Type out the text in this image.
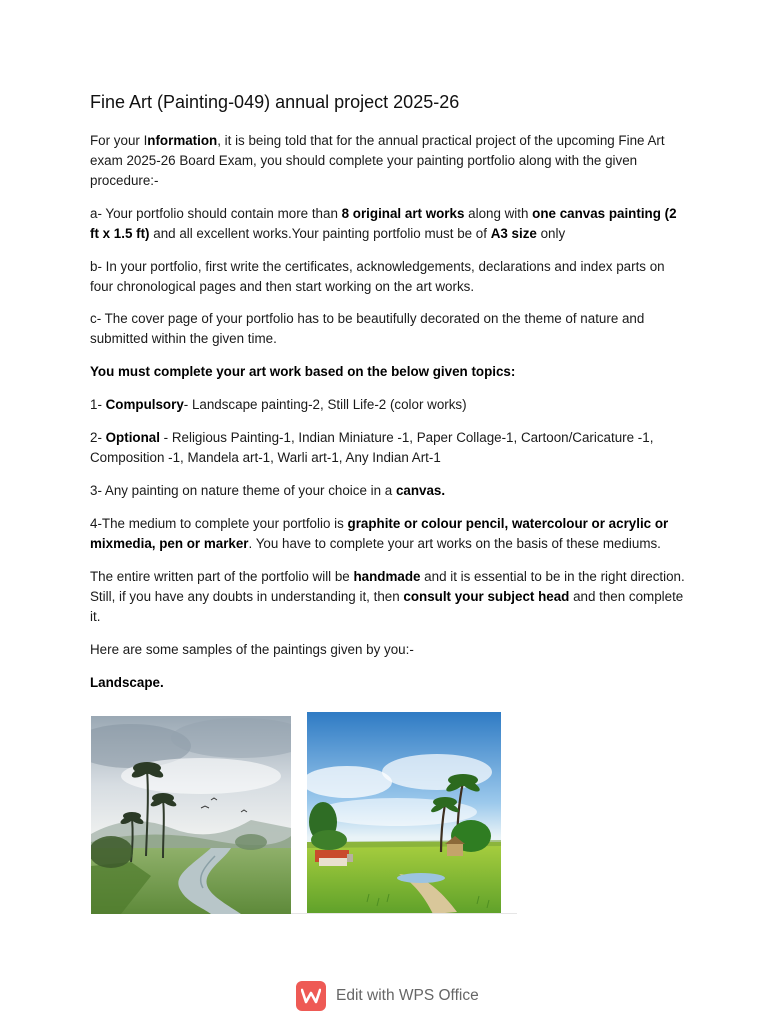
Fine Art (Painting-049) annual project 2025-26

For your Information, it is being told that for the annual practical project of the upcoming Fine Art exam 2025-26 Board Exam, you should complete your painting portfolio along with the given procedure:-

a- Your portfolio should contain more than 8 original art works along with one canvas painting (2 ft x 1.5 ft) and all excellent works.Your painting portfolio must be of A3 size only

b- In your portfolio, first write the certificates, acknowledgements, declarations and index parts on four chronological pages and then start working on the art works.

c- The cover page of your portfolio has to be beautifully decorated on the theme of nature and submitted within the given time.

You must complete your art work based on the below given topics:

1- Compulsory- Landscape painting-2, Still Life-2 (color works)

2- Optional - Religious Painting-1, Indian Miniature -1, Paper Collage-1, Cartoon/Caricature -1, Composition -1, Mandela art-1, Warli art-1, Any Indian Art-1

3- Any painting on nature theme of your choice in a canvas.

4-The medium to complete your portfolio is graphite or colour pencil, watercolour or acrylic or mixmedia, pen or marker. You have to complete your art works on the basis of these mediums.

The entire written part of the portfolio will be handmade and it is essential to be in the right direction. Still, if you have any doubts in understanding it, then consult your subject head and then complete it.

Here are some samples of the paintings given by you:-

Landscape.

Edit with WPS Office
